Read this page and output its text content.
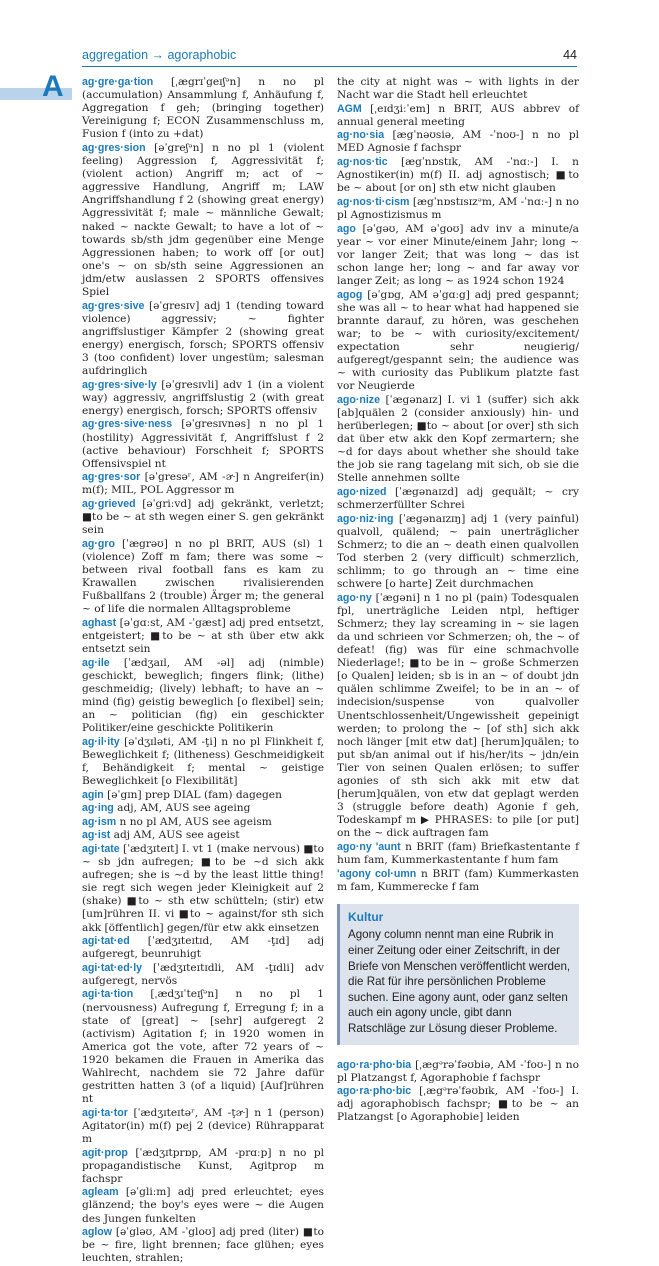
aggregation → agoraphobic	44
A ag·gre·ga·tion [ˌægrɪˈgeɪʃᵊn] n no pl (accumulation) Ansammlung f, Anhäufung f, Aggregation f geh; (bringing together) Vereinigung f; ECON Zusammenschluss m, Fusion f (into zu +dat)
ag·gres·sion [əˈgreʃᵊn] n no pl 1 (violent feeling) Aggression f, Aggressivität f; (violent action) Angriff m; act of ~ aggressive Handlung, Angriff m; LAW Angriffshandlung f 2 (showing great energy) Aggressivität f; male ~ männliche Gewalt; naked ~ nackte Gewalt; to have a lot of ~ towards sb/sth jdm gegenüber eine Menge Aggressionen haben; to work off [or out] one's ~ on sb/sth seine Aggressionen an jdm/etw auslassen 2 SPORTS offensives Spiel
ag·gres·sive [əˈgresɪv] adj 1 (tending toward violence) aggressiv; ~ fighter angriffslustiger Kämpfer 2 (showing great energy) energisch, forsch; SPORTS offensiv 3 (too confident) lover ungestüm; salesman aufdringlich
ag·gres·sive·ly [əˈgresɪvli] adv 1 (in a violent way) aggressiv, angriffslustig 2 (with great energy) energisch, forsch; SPORTS offensiv
ag·gres·sive·ness [əˈgresɪvnəs] n no pl 1 (hostility) Aggressivität f, Angriffslust f 2 (active behaviour) Forschheit f; SPORTS Offensivspiel nt
ag·gres·sor [əˈgresəʳ, AM -ɚ] n Angreifer(in) m(f); MIL, POL Aggressor m
ag·grieved [əˈgriːvd] adj gekränkt, verletzt; ■to be ~ at sth wegen einer S. gen gekränkt sein
ag·gro [ˈægrəʊ] n no pl BRIT, AUS (sl) 1 (violence) Zoff m fam; there was some ~ between rival football fans es kam zu Krawallen zwischen rivalisierenden Fußballfans 2 (trouble) Ärger m; the general ~ of life die normalen Alltagsprobleme
aghast [əˈgɑːst, AM -ˈgæst] adj pred entsetzt, entgeistert; ■to be ~ at sth über etw akk entsetzt sein
ag·ile [ˈædʒaɪl, AM -əl] adj (nimble) geschickt, beweglich; fingers flink; (lithe) geschmeidig; (lively) lebhaft; to have an ~ mind (fig) geistig beweglich [o flexibel] sein; an ~ politician (fig) ein geschickter Politiker/eine geschickte Politikerin
ag·il·ity [əˈdʒɪləti, AM -ţi] n no pl Flinkheit f, Beweglichkeit f; (litheness) Geschmeidigkeit f, Behändigkeit f; mental ~ geistige Beweglichkeit [o Flexibilität]
agin [əˈgɪn] prep DIAL (fam) dagegen
ag·ing adj, AM, AUS see ageing
ag·ism n no pl AM, AUS see ageism
ag·ist adj AM, AUS see ageist
agi·tate [ˈædʒɪteɪt] I. vt 1 (make nervous) ■to ~ sb jdn aufregen; ■to be ~d sich akk aufregen; she is ~d by the least little thing! sie regt sich wegen jeder Kleinigkeit auf 2 (shake) ■to ~ sth etw schütteln; (stir) etw [um]rühren II. vi ■to ~ against/for sth sich akk [öffentlich] gegen/für etw akk einsetzen
agi·tat·ed [ˈædʒɪteɪtɪd, AM -ţɪd] adj aufgeregt, beunruhigt
agi·tat·ed·ly [ˈædʒɪteɪtɪdli, AM -ţɪdli] adv aufgeregt, nervös
agi·ta·tion [ˌædʒɪˈteɪʃᵊn] n no pl 1 (nervousness) Aufregung f, Erregung f; in a state of [great] ~ [sehr] aufgeregt 2 (activism) Agitation f; in 1920 women in America got the vote, after 72 years of ~ 1920 bekamen die Frauen in Amerika das Wahlrecht, nachdem sie 72 Jahre dafür gestritten hatten 3 (of a liquid) [Auf]rühren nt
agi·ta·tor [ˈædʒɪteɪtəʳ, AM -ţɚ] n 1 (person) Agitator(in) m(f) pej 2 (device) Rührapparat m
agit·prop [ˈædʒɪtprɒp, AM -prɑːp] n no pl propagandistische Kunst, Agitprop m fachspr
agleam [əˈgliːm] adj pred erleuchtet; eyes glänzend; the boy's eyes were ~ die Augen des Jungen funkelten
aglow [əˈgləʊ, AM -ˈgloʊ] adj pred (liter) ■to be ~ fire, light brennen; face glühen; eyes leuchten, strahlen;
the city at night was ~ with lights in der Nacht war die Stadt hell erleuchtet
AGM [ˌeɪdʒiːˈem] n BRIT, AUS abbrev of annual general meeting
ag·no·sia [ægˈnəʊsiə, AM -ˈnoʊ-] n no pl MED Agnosie f fachspr
ag·nos·tic [ægˈnɒstɪk, AM -ˈnɑː-] I. n Agnostiker(in) m(f) II. adj agnostisch; ■to be ~ about [or on] sth etw nicht glauben
ag·nos·ti·cism [ægˈnɒstɪsɪzᵊm, AM -ˈnɑː-] n no pl Agnostizismus m
ago [əˈgəʊ, AM əˈgoʊ] adv inv a minute/a year ~ vor einer Minute/einem Jahr; long ~ vor langer Zeit; that was long ~ das ist schon lange her; long ~ and far away vor langer Zeit; as long ~ as 1924 schon 1924
agog [əˈgɒg, AM əˈgɑːg] adj pred gespannt; she was all ~ to hear what had happened sie brannte darauf, zu hören, was geschehen war; to be ~ with curiosity/excitement/ expectation sehr neugierig/ aufgeregt/gespannt sein; the audience was ~ with curiosity das Publikum platzte fast vor Neugierde
ago·nize [ˈægənaɪz] I. vi 1 (suffer) sich akk [ab]quälen 2 (consider anxiously) hin- und herüberlegen; ■to ~ about [or over] sth sich dat über etw akk den Kopf zermartern; she ~d for days about whether she should take the job sie rang tagelang mit sich, ob sie die Stelle annehmen sollte
ago·nized [ˈægənaɪzd] adj gequält; ~ cry schmerzerfüllter Schrei
ago·niz·ing [ˈægənaɪzɪŋ] adj 1 (very painful) qualvoll, quälend; ~ pain unerträglicher Schmerz; to die an ~ death einen qualvollen Tod sterben 2 (very difficult) schmerzlich, schlimm; to go through an ~ time eine schwere [o harte] Zeit durchmachen
ago·ny [ˈægəni] n 1 no pl (pain) Todesqualen fpl, unerträgliche Leiden ntpl, heftiger Schmerz; they lay screaming in ~ sie lagen da und schrieen vor Schmerzen; oh, the ~ of defeat! (fig) was für eine schmachvolle Niederlage!; ■to be in ~ große Schmerzen [o Qualen] leiden; sb is in an ~ of doubt jdn quälen schlimme Zweifel; to be in an ~ of indecision/suspense von qualvoller Unentschlossenheit/Ungewissheit gepeinigt werden; to prolong the ~ [of sth] sich akk noch länger [mit etw dat] [herum]quälen; to put sb/an animal out if his/her/its ~ jdn/ein Tier von seinen Qualen erlösen; to suffer agonies of sth sich akk mit etw dat [herum]quälen, von etw dat geplagt werden 3 (struggle before death) Agonie f geh, Todeskampf m ▶ PHRASES: to pile [or put] on the ~ dick auftragen fam
ago·ny 'aunt n BRIT (fam) Briefkastentante f hum fam, Kummerkastentante f hum fam
'agony col·umn n BRIT (fam) Kummerkasten m fam, Kummerecke f fam
Kultur
Agony column nennt man eine Rubrik in einer Zeitung oder einer Zeitschrift, in der Briefe von Menschen veröffentlicht werden, die Rat für ihre persönlichen Probleme suchen. Eine agony aunt, oder ganz selten auch ein agony uncle, gibt dann Ratschläge zur Lösung dieser Probleme.
ago·ra·pho·bia [ˌægᵊrəˈfəʊbiə, AM -ˈfoʊ-] n no pl Platzangst f, Agoraphobie f fachspr
ago·ra·pho·bic [ˌægᵊrəˈfəʊbɪk, AM -ˈfoʊ-] I. adj agoraphobisch fachspr; ■to be ~ an Platzangst [o Agoraphobie] leiden
